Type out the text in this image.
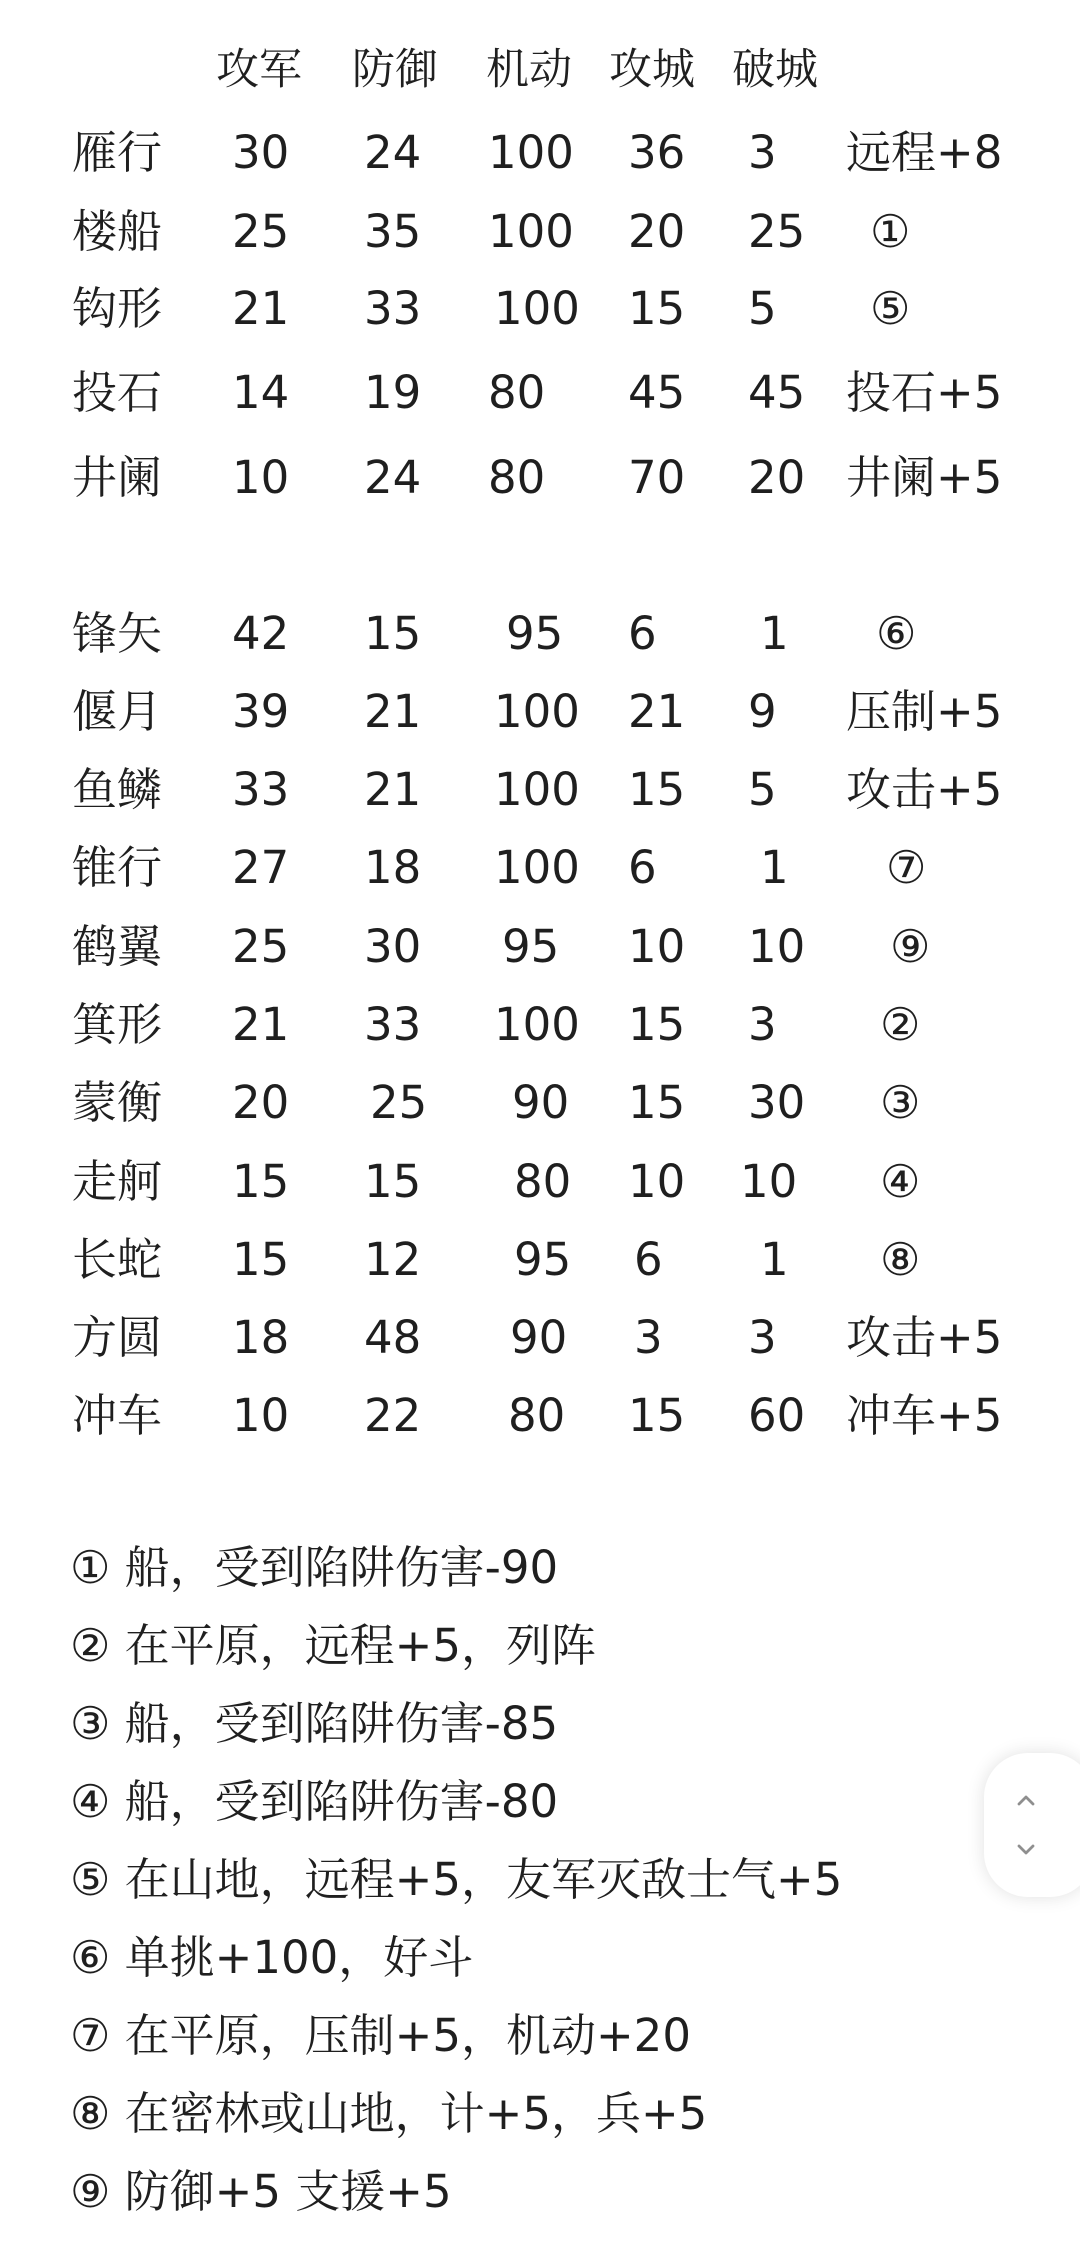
攻军 防御 机动 攻城 破城
雁行 30 24 100 36 3 远程+8
楼船 25 35 100 20 25 ①
钩形 21 33 100 15 5 ⑤
投石 14 19 80 45 45 投石+5
井阑 10 24 80 70 20 井阑+5
锋矢 42 15 95 6 1 ⑥
偃月 39 21 100 21 9 压制+5
鱼鳞 33 21 100 15 5 攻击+5
锥行 27 18 100 6 1 ⑦
鹤翼 25 30 95 10 10 ⑨
箕形 21 33 100 15 3 ②
蒙衡 20 25 90 15 30 ③
走舸 15 15 80 10 10 ④
长蛇 15 12 95 6 1 ⑧
方圆 18 48 90 3 3 攻击+5
冲车 10 22 80 15 60 冲车+5
① 船，受到陷阱伤害-90
② 在平原，远程+5，列阵
③ 船，受到陷阱伤害-85
④ 船，受到陷阱伤害-80
⑤ 在山地，远程+5，友军灭敌士气+5
⑥ 单挑+100，好斗
⑦ 在平原，压制+5，机动+20
⑧ 在密林或山地，计+5，兵+5
⑨ 防御+5 支援+5
